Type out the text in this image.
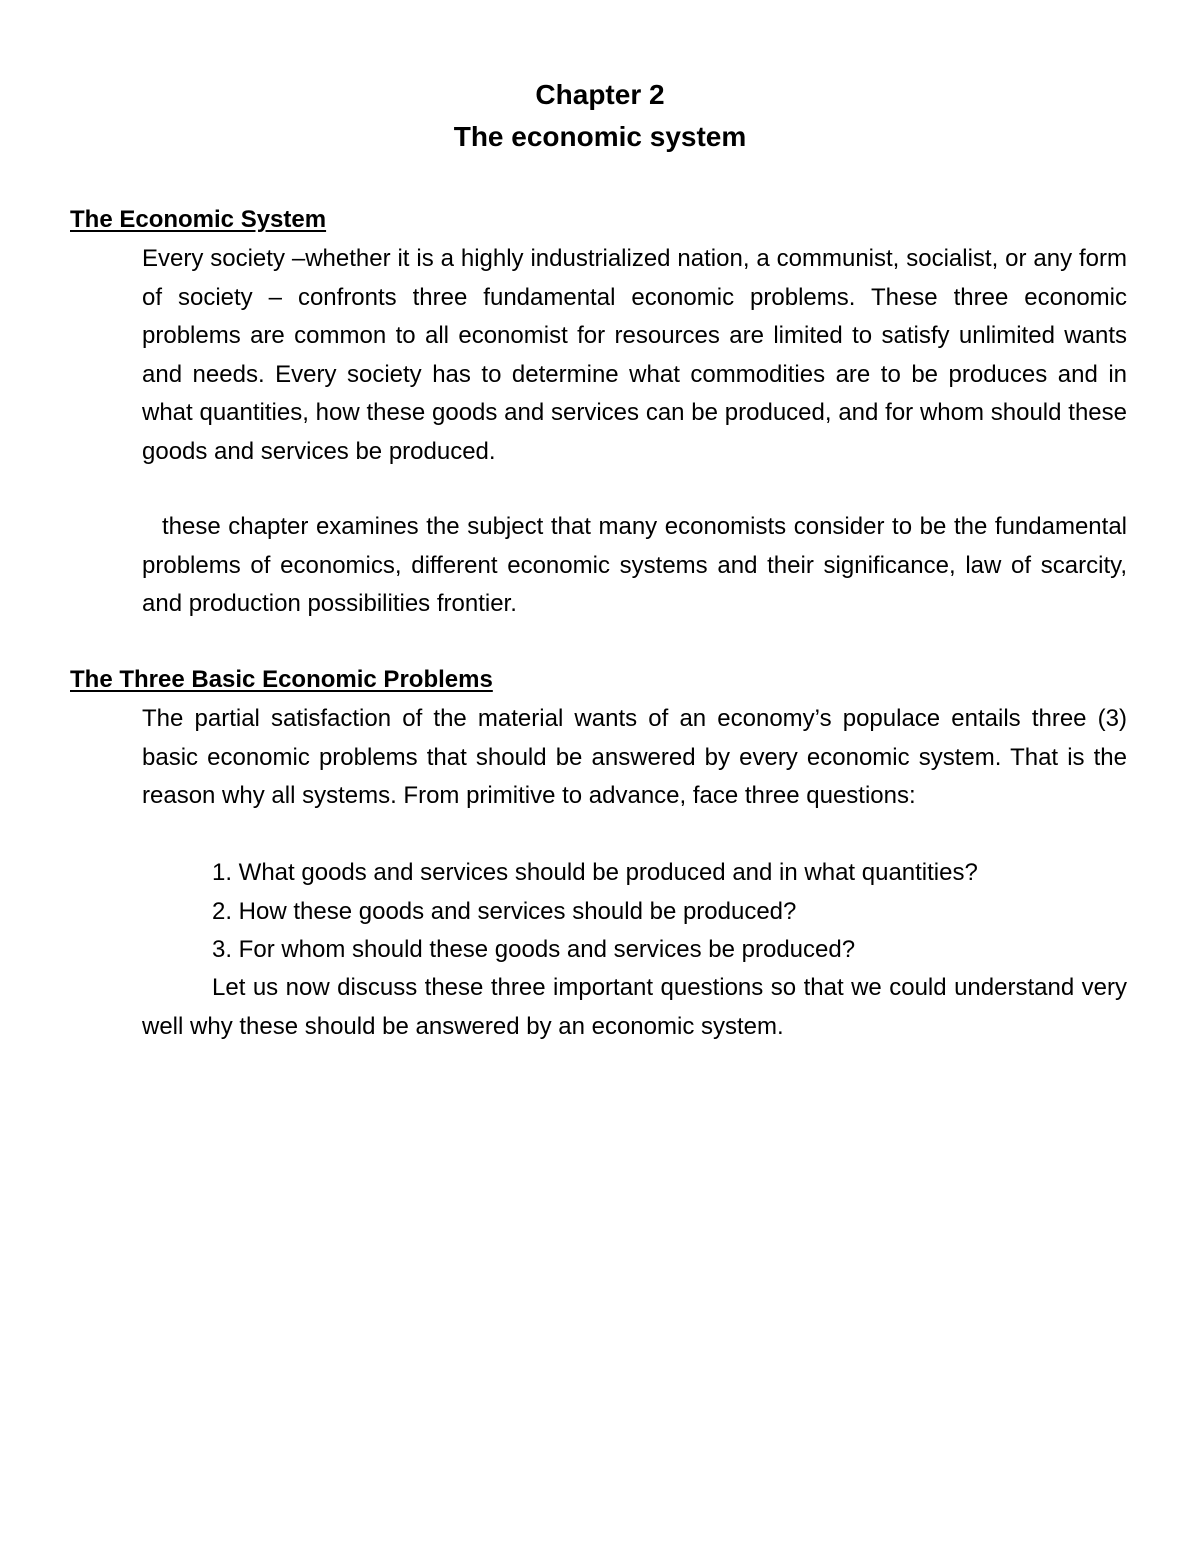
Chapter 2
The economic system
The Economic System

Every society –whether it is a highly industrialized nation, a communist, socialist, or any form of society – confronts three fundamental economic problems. These three economic problems are common to all economist for resources are limited to satisfy unlimited wants and needs. Every society has to determine what commodities are to be produces and in what quantities, how these goods and services can be produced, and for whom should these goods and services be produced.

these chapter examines the subject that many economists consider to be the fundamental problems of economics, different economic systems and their significance, law of scarcity, and production possibilities frontier.

The Three Basic Economic Problems

The partial satisfaction of the material wants of an economy’s populace entails three (3) basic economic problems that should be answered by every economic system. That is the reason why all systems. From primitive to advance, face three questions:

1. What goods and services should be produced and in what quantities?
2. How these goods and services should be produced?
3. For whom should these goods and services be produced?

Let us now discuss these three important questions so that we could understand very well why these should be answered by an economic system.
